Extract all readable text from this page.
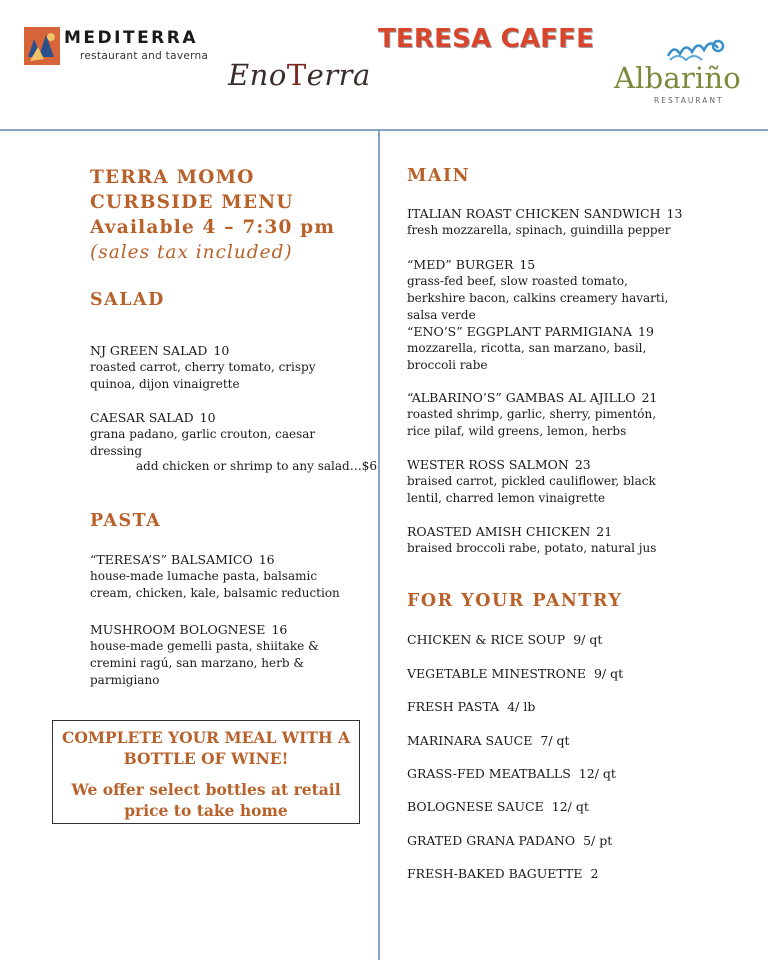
MEDITERRA
restaurant and taverna
TERESA CAFFE
EnoTerra	Albariño
RESTAURANT
TERRA MOMO
CURBSIDE MENU
Available 4 – 7:30 pm
(sales tax included)
SALAD
NJ GREEN SALAD 10
roasted carrot, cherry tomato, crispy quinoa, dijon vinaigrette
CAESAR SALAD 10
grana padano, garlic crouton, caesar dressing
add chicken or shrimp to any salad…$6
PASTA
“TERESA’S” BALSAMICO 16
house-made lumache pasta, balsamic cream, chicken, kale, balsamic reduction
MUSHROOM BOLOGNESE 16
house-made gemelli pasta, shiitake & cremini ragú, san marzano, herb & parmigiano
COMPLETE YOUR MEAL WITH A BOTTLE OF WINE!
We offer select bottles at retail price to take home
MAIN
ITALIAN ROAST CHICKEN SANDWICH 13
fresh mozzarella, spinach, guindilla pepper
“MED” BURGER 15
grass-fed beef, slow roasted tomato, berkshire bacon, calkins creamery havarti, salsa verde
“ENO’S” EGGPLANT PARMIGIANA 19
mozzarella, ricotta, san marzano, basil, broccoli rabe
“ALBARINO’S” GAMBAS AL AJILLO 21
roasted shrimp, garlic, sherry, pimentón, rice pilaf, wild greens, lemon, herbs
WESTER ROSS SALMON 23
braised carrot, pickled cauliflower, black lentil, charred lemon vinaigrette
ROASTED AMISH CHICKEN 21
braised broccoli rabe, potato, natural jus
FOR YOUR PANTRY
CHICKEN & RICE SOUP 9/ qt
VEGETABLE MINESTRONE 9/ qt
FRESH PASTA 4/ lb
MARINARA SAUCE 7/ qt
GRASS-FED MEATBALLS 12/ qt
BOLOGNESE SAUCE 12/ qt
GRATED GRANA PADANO 5/ pt
FRESH-BAKED BAGUETTE 2
